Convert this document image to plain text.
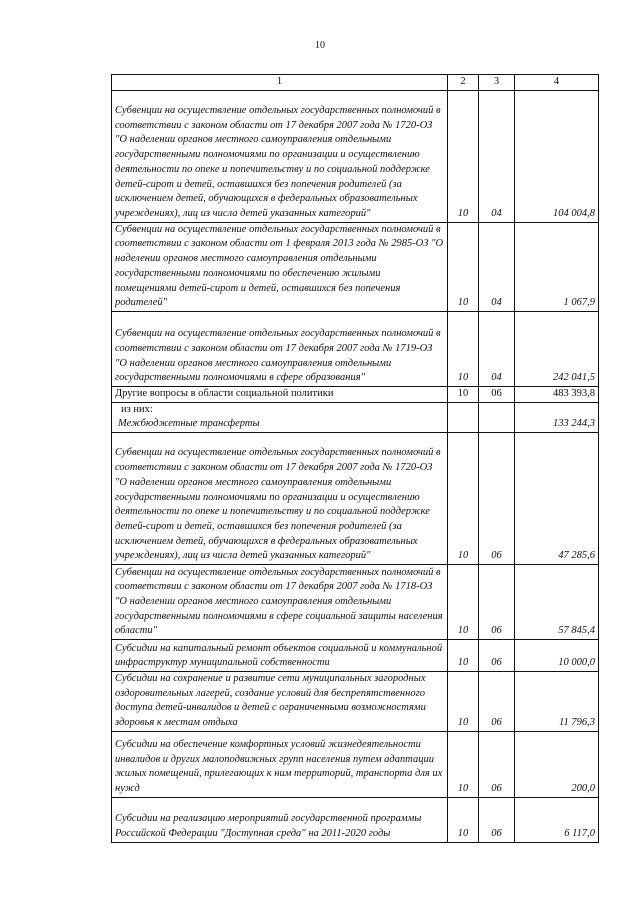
10
1	2	3	4
Субвенции на осуществление отдельных государственных полномочий в соответствии с законом области от 17 декабря 2007 года № 1720-ОЗ "О наделении органов местного самоуправления отдельными государственными полномочиями по организации и осуществлению деятельности по опеке и попечительству и по социальной поддержке детей-сирот и детей, оставшихся без попечения родителей (за исключением детей, обучающихся в федеральных образовательных учреждениях), лиц из числа детей указанных категорий"	10	04	104 004,8
Субвенции на осуществление отдельных государственных полномочий в соответствии с законом области от 1 февраля 2013 года № 2985-ОЗ "О наделении органов местного самоуправления отдельными государственными полномочиями по обеспечению жилыми помещениями детей-сирот и детей, оставшихся без попечения родителей"	10	04	1 067,9
Субвенции на осуществление отдельных государственных полномочий в соответствии с законом области от 17 декабря 2007 года № 1719-ОЗ "О наделении органов местного самоуправления отдельными государственными полномочиями в сфере образования"	10	04	242 041,5
Другие вопросы в области социальной политики	10	06	483 393,8

из них:
Межбюджетные трансферты			133 244,3
Субвенции на осуществление отдельных государственных полномочий в соответствии с законом области от 17 декабря 2007 года № 1720-ОЗ "О наделении органов местного самоуправления отдельными государственными полномочиями по организации и осуществлению деятельности по опеке и попечительству и по социальной поддержке детей-сирот и детей, оставшихся без попечения родителей (за исключением детей, обучающихся в федеральных образовательных учреждениях), лиц из числа детей указанных категорий"	10	06	47 285,6
Субвенции на осуществление отдельных государственных полномочий в соответствии с законом области от 17 декабря 2007 года № 1718-ОЗ "О наделении органов местного самоуправления отдельными государственными полномочиями в сфере социальной защиты населения области"	10	06	57 845,4
Субсидии на капитальный ремонт объектов социальной и коммунальной инфраструктур муниципальной собственности	10	06	10 000,0
Субсидии на сохранение и развитие сети муниципальных загородных оздоровительных лагерей, создание условий для беспрепятственного доступа детей-инвалидов и детей с ограниченными возможностями здоровья к местам отдыха	10	06	11 796,3
Субсидии на обеспечение комфортных условий жизнедеятельности инвалидов и других малоподвижных групп населения путем адаптации жилых помещений, прилегающих к ним территорий, транспорта для их нужд	10	06	200,0
Субсидии на реализацию мероприятий государственной программы Российской Федерации "Доступная среда" на 2011-2020 годы	10	06	6 117,0
